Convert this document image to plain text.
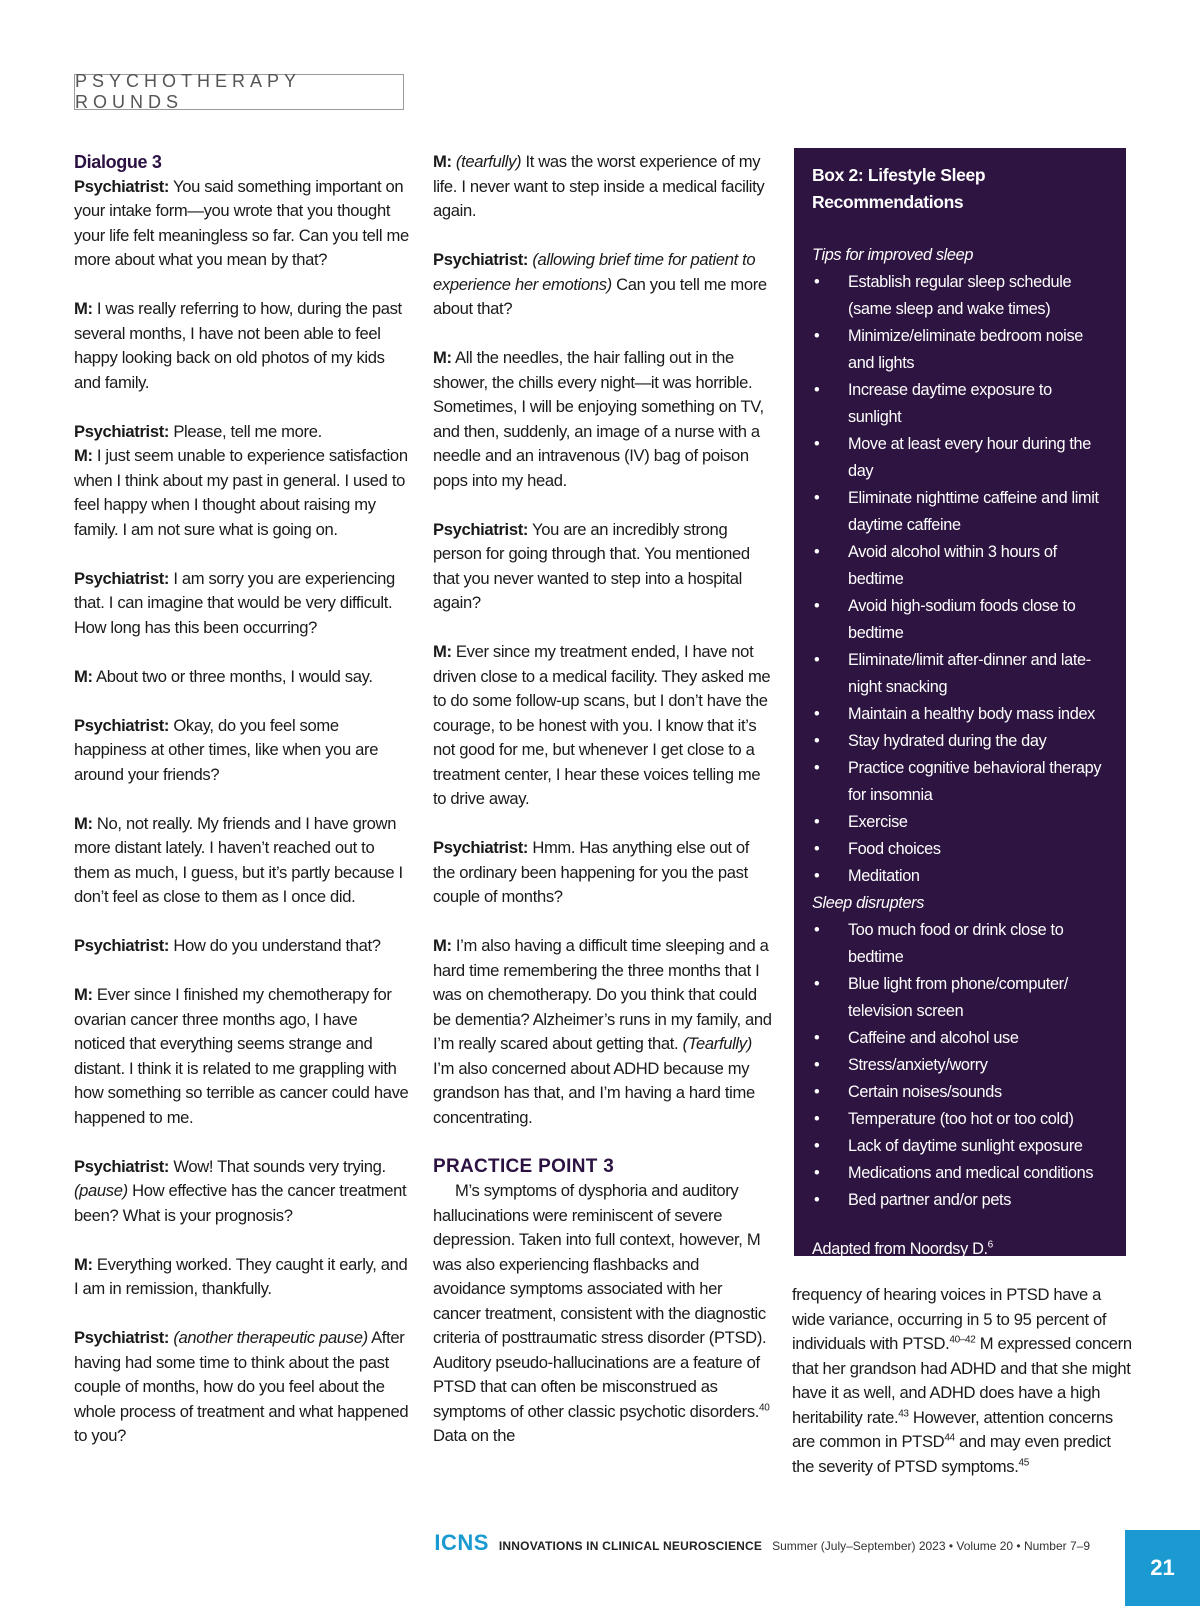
PSYCHOTHERAPY ROUNDS
Dialogue 3

Psychiatrist: You said something important on your intake form—you wrote that you thought your life felt meaningless so far. Can you tell me more about what you mean by that?

M: I was really referring to how, during the past several months, I have not been able to feel happy looking back on old photos of my kids and family.

Psychiatrist: Please, tell me more.

M: I just seem unable to experience satisfaction when I think about my past in general. I used to feel happy when I thought about raising my family. I am not sure what is going on.

Psychiatrist: I am sorry you are experiencing that. I can imagine that would be very difficult. How long has this been occurring?

M: About two or three months, I would say.

Psychiatrist: Okay, do you feel some happiness at other times, like when you are around your friends?

M: No, not really. My friends and I have grown more distant lately. I haven’t reached out to them as much, I guess, but it’s partly because I don’t feel as close to them as I once did.

Psychiatrist: How do you understand that?

M: Ever since I finished my chemotherapy for ovarian cancer three months ago, I have noticed that everything seems strange and distant. I think it is related to me grappling with how something so terrible as cancer could have happened to me.

Psychiatrist: Wow! That sounds very trying.(pause) How effective has the cancer treatment been? What is your prognosis?

M: Everything worked. They caught it early, and I am in remission, thankfully.

Psychiatrist: (another therapeutic pause) After having had some time to think about the past couple of months, how do you feel about the whole process of treatment and what happened to you?

M: (tearfully) It was the worst experience of my life. I never want to step inside a medical facility again.

Psychiatrist: (allowing brief time for patient to experience her emotions) Can you tell me more about that?

M: All the needles, the hair falling out in the shower, the chills every night—it was horrible. Sometimes, I will be enjoying something on TV, and then, suddenly, an image of a nurse with a needle and an intravenous (IV) bag of poison pops into my head.

Psychiatrist: You are an incredibly strong person for going through that. You mentioned that you never wanted to step into a hospital again?

M: Ever since my treatment ended, I have not driven close to a medical facility. They asked me to do some follow-up scans, but I don’t have the courage, to be honest with you. I know that it’s not good for me, but whenever I get close to a treatment center, I hear these voices telling me to drive away.

Psychiatrist: Hmm. Has anything else out of the ordinary been happening for you the past couple of months?

M: I’m also having a difficult time sleeping and a hard time remembering the three months that I was on chemotherapy. Do you think that could be dementia? Alzheimer’s runs in my family, and I’m really scared about getting that. (Tearfully) I’m also concerned about ADHD because my grandson has that, and I’m having a hard time concentrating.

PRACTICE POINT 3

M’s symptoms of dysphoria and auditory hallucinations were reminiscent of severe depression. Taken into full context, however, M was also experiencing flashbacks and avoidance symptoms associated with her cancer treatment, consistent with the diagnostic criteria of posttraumatic stress disorder (PTSD). Auditory pseudo-hallucinations are a feature of PTSD that can often be misconstrued as symptoms of other classic psychotic disorders.$^{40}$ Data on the

Box 2: Lifestyle Sleep Recommendations
Tips for improved sleep
• Establish regular sleep schedule (same sleep and wake times)
• Minimize/eliminate bedroom noise and lights
• Increase daytime exposure to sunlight
• Move at least every hour during the day
• Eliminate nighttime caffeine and limit daytime caffeine
• Avoid alcohol within 3 hours of bedtime
• Avoid high-sodium foods close to bedtime
• Eliminate/limit after-dinner and late-night snacking
• Maintain a healthy body mass index
• Stay hydrated during the day
• Practice cognitive behavioral therapy for insomnia
• Exercise
• Food choices
• Meditation
Sleep disrupters
• Too much food or drink close to bedtime
• Blue light from phone/computer/ television screen
• Caffeine and alcohol use
• Stress/anxiety/worry
• Certain noises/sounds
• Temperature (too hot or too cold)
• Lack of daytime sunlight exposure
• Medications and medical conditions
• Bed partner and/or pets
Adapted from Noordsy D.$^6$

frequency of hearing voices in PTSD have a wide variance, occurring in 5 to 95 percent of individuals with PTSD.$^{40-42}$ M expressed concern that her grandson had ADHD and that she might have it as well, and ADHD does have a high heritability rate.$^{43}$ However, attention concerns are common in PTSD$^{44}$ and may even predict the severity of PTSD symptoms.$^{45}$

ICNS INNOVATIONS IN CLINICAL NEUROSCIENCE Summer (July–September) 2023 • Volume 20 • Number 7–9
21
